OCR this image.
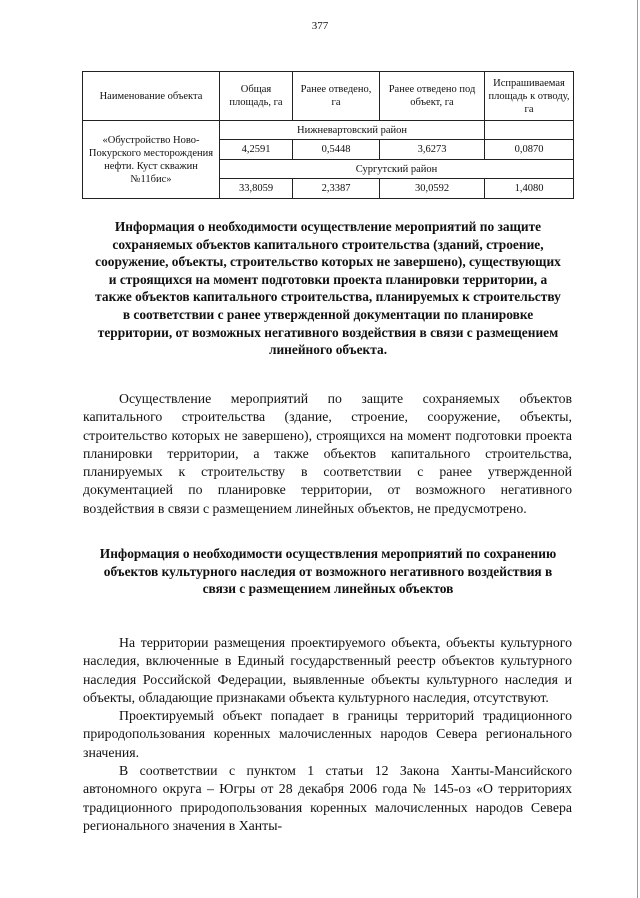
377
Наименование объекта	Общая площадь, га	Ранее отведено, га	Ранее отведено под объект, га	Испрашиваемая площадь к отводу, га
«Обустройство Ново-Покурского месторождения нефти. Куст скважин №11бис»	Нижневартовский район			
	4,2591	0,5448	3,6273	0,0870
	Сургутский район			
	33,8059	2,3387	30,0592	1,4080
Информация о необходимости осуществление мероприятий по защите сохраняемых объектов капитального строительства (зданий, строение, сооружение, объекты, строительство которых не завершено), существующих и строящихся на момент подготовки проекта планировки территории, а также объектов капитального строительства, планируемых к строительству в соответствии с ранее утвержденной документации по планировке территории, от возможных негативного воздействия в связи с размещением линейного объекта.

Осуществление мероприятий по защите сохраняемых объектов капитального строительства (здание, строение, сооружение, объекты, строительство которых не завершено), строящихся на момент подготовки проекта планировки территории, а также объектов капитального строительства, планируемых к строительству в соответствии с ранее утвержденной документацией по планировке территории, от возможного негативного воздействия в связи с размещением линейных объектов, не предусмотрено.

Информация о необходимости осуществления мероприятий по сохранению объектов культурного наследия от возможного негативного воздействия в связи с размещением линейных объектов

На территории размещения проектируемого объекта, объекты культурного наследия, включенные в Единый государственный реестр объектов культурного наследия Российской Федерации, выявленные объекты культурного наследия и объекты, обладающие признаками объекта культурного наследия, отсутствуют.

Проектируемый объект попадает в границы территорий традиционного природопользования коренных малочисленных народов Севера регионального значения.

В соответствии с пунктом 1 статьи 12 Закона Ханты-Мансийского автономного округа – Югры от 28 декабря 2006 года № 145-оз «О территориях традиционного природопользования коренных малочисленных народов Севера регионального значения в Ханты-
